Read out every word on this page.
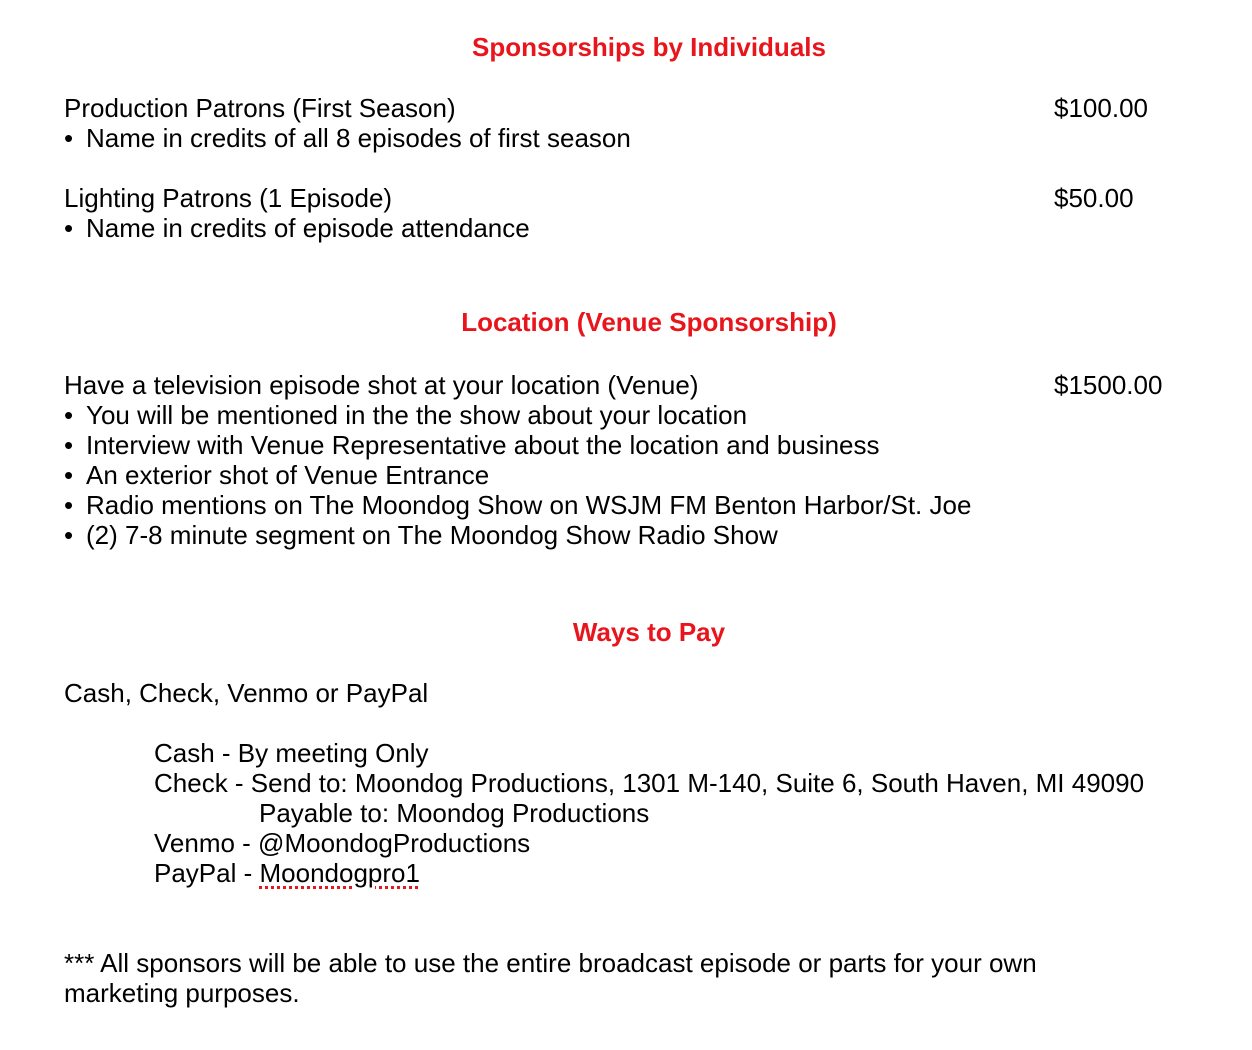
Sponsorships by Individuals
Production Patrons (First Season)	$100.00
• Name in credits of all 8 episodes of first season
Lighting Patrons (1 Episode)	$50.00
• Name in credits of episode attendance
Location (Venue Sponsorship)
Have a television episode shot at your location (Venue)	$1500.00
• You will be mentioned in the the show about your location
• Interview with Venue Representative about the location and business
• An exterior shot of Venue Entrance
• Radio mentions on The Moondog Show on WSJM FM Benton Harbor/St. Joe
• (2) 7-8 minute segment on The Moondog Show Radio Show
Ways to Pay
Cash, Check, Venmo or PayPal
Cash - By meeting Only
Check - Send to: Moondog Productions, 1301 M-140, Suite 6, South Haven, MI 49090
Payable to: Moondog Productions
Venmo - @MoondogProductions
PayPal - Moondogpro1
*** All sponsors will be able to use the entire broadcast episode or parts for your own
marketing purposes.
